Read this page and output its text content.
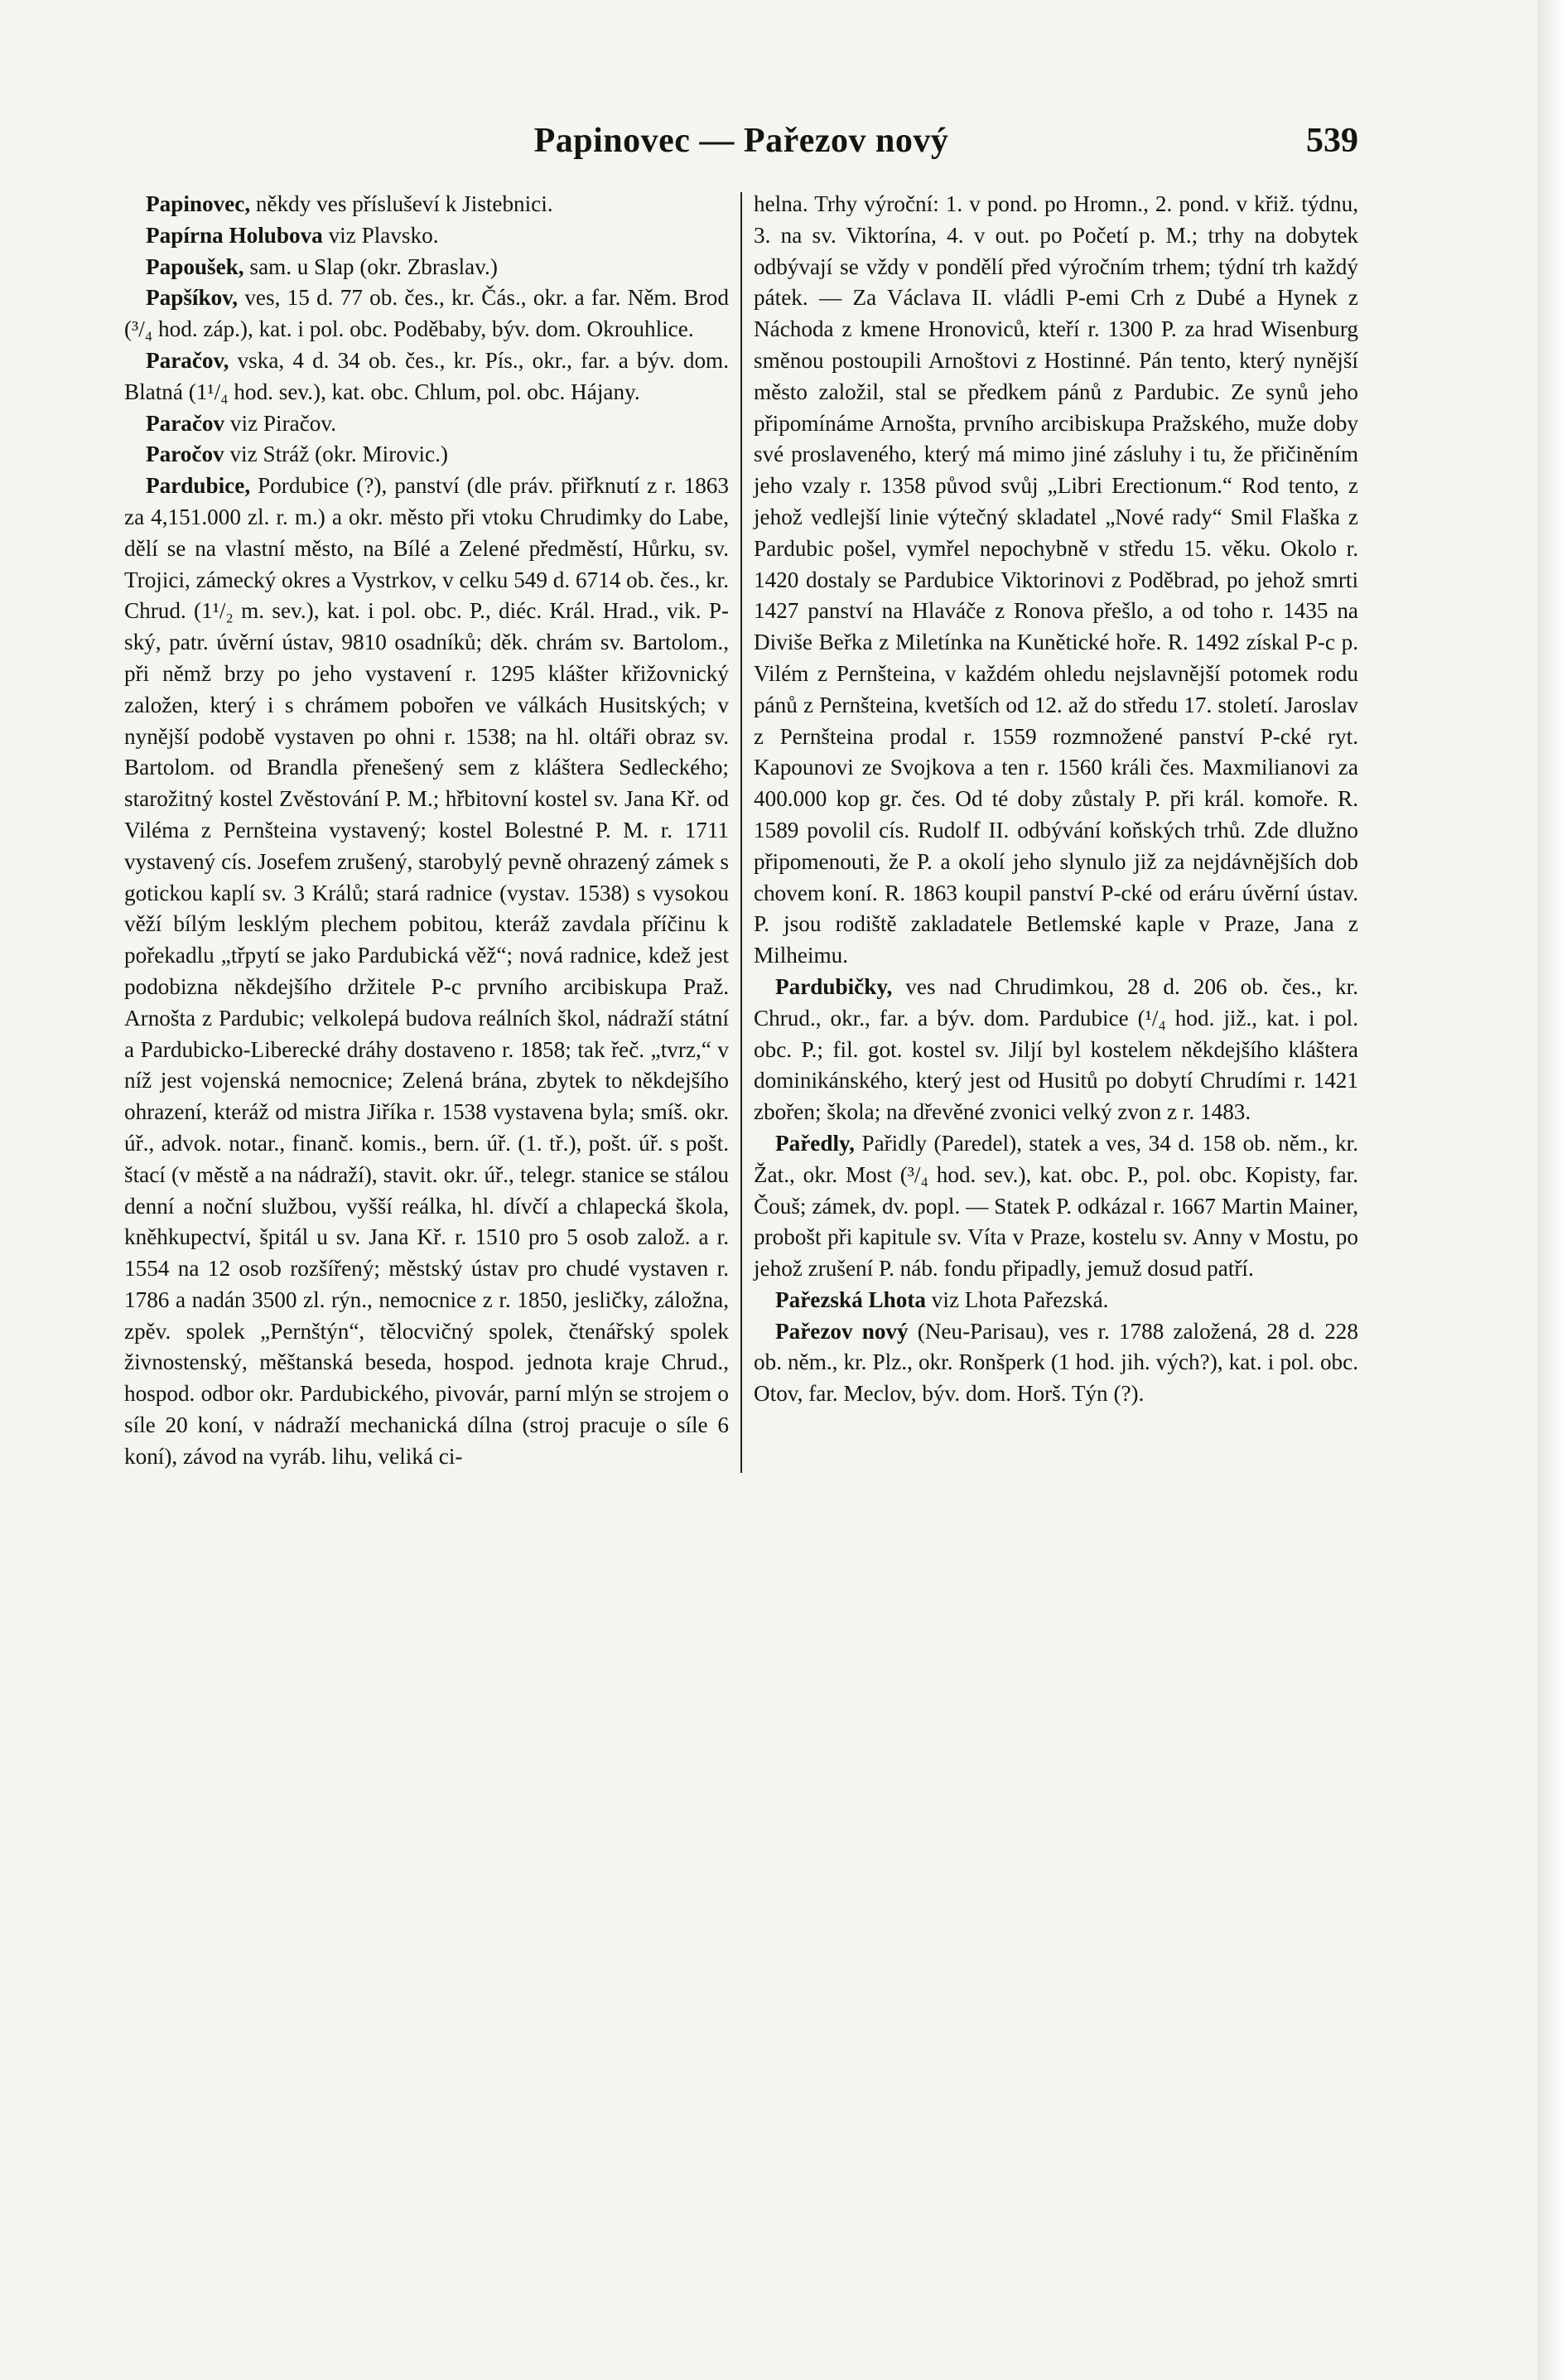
Papinovec — Pařezov nový	539

Papinovec, někdy ves přísluševí k Jistebnici.

Papírna Holubova viz Plavsko.

Papoušek, sam. u Slap (okr. Zbraslav.)

Papšíkov, ves, 15 d. 77 ob. čes., kr. Čás., okr. a far. Něm. Brod (³/₄ hod. záp.), kat. i pol. obc. Poděbaby, býv. dom. Okrouhlice.

Paračov, vska, 4 d. 34 ob. čes., kr. Pís., okr., far. a býv. dom. Blatná (1¹/₄ hod. sev.), kat. obc. Chlum, pol. obc. Hájany.

Paračov viz Piračov.

Paročov viz Stráž (okr. Mirovic.)

Pardubice, Pordubice (?), panství (dle práv. přiřknutí z r. 1863 za 4,151.000 zl. r. m.) a okr. město při vtoku Chrudimky do Labe, dělí se na vlastní město, na Bílé a Zelené předměstí, Hůrku, sv. Trojici, zámecký okres a Vystrkov, v celku 549 d. 6714 ob. čes., kr. Chrud. (1¹/₂ m. sev.), kat. i pol. obc. P., diéc. Král. Hrad., vik. P-ský, patr. úvěrní ústav, 9810 osadníků; děk. chrám sv. Bartolom., při němž brzy po jeho vystavení r. 1295 klášter křižovnický založen, který i s chrámem pobořen ve válkách Husitských; v nynější podobě vystaven po ohni r. 1538; na hl. oltáři obraz sv. Bartolom. od Brandla přenešený sem z kláštera Sedleckého; starožitný kostel Zvěstování P. M.; hřbitovní kostel sv. Jana Kř. od Viléma z Pernšteina vystavený; kostel Bolestné P. M. r. 1711 vystavený cís. Josefem zrušený, starobylý pevně ohrazený zámek s gotickou kaplí sv. 3 Králů; stará radnice (vystav. 1538) s vysokou věží bílým lesklým plechem pobitou, kteráž zavdala příčinu k pořekadlu „třpytí se jako Pardubická věž“; nová radnice, kdež jest podobizna někdejšího držitele P-c prvního arcibiskupa Praž. Arnošta z Pardubic; velkolepá budova reálních škol, nádraží státní a Pardubicko-Liberecké dráhy dostaveno r. 1858; tak řeč. „tvrz,“ v níž jest vojenská nemocnice; Zelená brána, zbytek to někdejšího ohrazení, kteráž od mistra Jiříka r. 1538 vystavena byla; smíš. okr. úř., advok. notar., finanč. komis., bern. úř. (1. tř.), pošt. úř. s pošt. štací (v městě a na nádraží), stavit. okr. úř., telegr. stanice se stálou denní a noční službou, vyšší reálka, hl. dívčí a chlapecká škola, kněhkupectví, špitál u sv. Jana Kř. r. 1510 pro 5 osob založ. a r. 1554 na 12 osob rozšířený; městský ústav pro chudé vystaven r. 1786 a nadán 3500 zl. rýn., nemocnice z r. 1850, jesličky, záložna, zpěv. spolek „Pernštýn“, tělocvičný spolek, čtenářský spolek živnostenský, měštanská beseda, hospod. jednota kraje Chrud., hospod. odbor okr. Pardubického, pivovár, parní mlýn se strojem o síle 20 koní, v nádraží mechanická dílna (stroj pracuje o síle 6 koní), závod na vyráb. lihu, veliká ci-

helna. Trhy výroční: 1. v pond. po Hromn., 2. pond. v křiž. týdnu, 3. na sv. Viktorína, 4. v out. po Početí p. M.; trhy na dobytek odbývají se vždy v pondělí před výročním trhem; týdní trh každý pátek. — Za Václava II. vládli P-emi Crh z Dubé a Hynek z Náchoda z kmene Hronoviců, kteří r. 1300 P. za hrad Wisenburg směnou postoupili Arnoštovi z Hostinné. Pán tento, který nynější město založil, stal se předkem pánů z Pardubic. Ze synů jeho připomínáme Arnošta, prvního arcibiskupa Pražského, muže doby své proslaveného, který má mimo jiné zásluhy i tu, že přičiněním jeho vzaly r. 1358 původ svůj „Libri Erectionum.“ Rod tento, z jehož vedlejší linie výtečný skladatel „Nové rady“ Smil Flaška z Pardubic pošel, vymřel nepochybně v středu 15. věku. Okolo r. 1420 dostaly se Pardubice Viktorinovi z Poděbrad, po jehož smrti 1427 panství na Hlaváče z Ronova přešlo, a od toho r. 1435 na Diviše Beřka z Miletínka na Kunětické hoře. R. 1492 získal P-c p. Vilém z Pernšteina, v každém ohledu nejslavnější potomek rodu pánů z Pernšteina, kvetších od 12. až do středu 17. století. Jaroslav z Pernšteina prodal r. 1559 rozmnožené panství P-cké ryt. Kapounovi ze Svojkova a ten r. 1560 králi čes. Maxmilianovi za 400.000 kop gr. čes. Od té doby zůstaly P. při král. komoře. R. 1589 povolil cís. Rudolf II. odbývání koňských trhů. Zde dlužno připomenouti, že P. a okolí jeho slynulo již za nejdávnějších dob chovem koní. R. 1863 koupil panství P-cké od eráru úvěrní ústav. P. jsou rodiště zakladatele Betlemské kaple v Praze, Jana z Milheimu.

Pardubičky, ves nad Chrudimkou, 28 d. 206 ob. čes., kr. Chrud., okr., far. a býv. dom. Pardubice (¹/₄ hod. již., kat. i pol. obc. P.; fil. got. kostel sv. Jiljí byl kostelem někdejšího kláštera dominikánského, který jest od Husitů po dobytí Chrudími r. 1421 zbořen; škola; na dřevěné zvonici velký zvon z r. 1483.

Paředly, Pařidly (Paredel), statek a ves, 34 d. 158 ob. něm., kr. Žat., okr. Most (³/₄ hod. sev.), kat. obc. P., pol. obc. Kopisty, far. Čouš; zámek, dv. popl. — Statek P. odkázal r. 1667 Martin Mainer, probošt při kapitule sv. Víta v Praze, kostelu sv. Anny v Mostu, po jehož zrušení P. náb. fondu připadly, jemuž dosud patří.

Pařezská Lhota viz Lhota Pařezská.

Pařezov nový (Neu-Parisau), ves r. 1788 založená, 28 d. 228 ob. něm., kr. Plz., okr. Ronšperk (1 hod. jih. vých?), kat. i pol. obc. Otov, far. Meclov, býv. dom. Horš. Týn (?).
